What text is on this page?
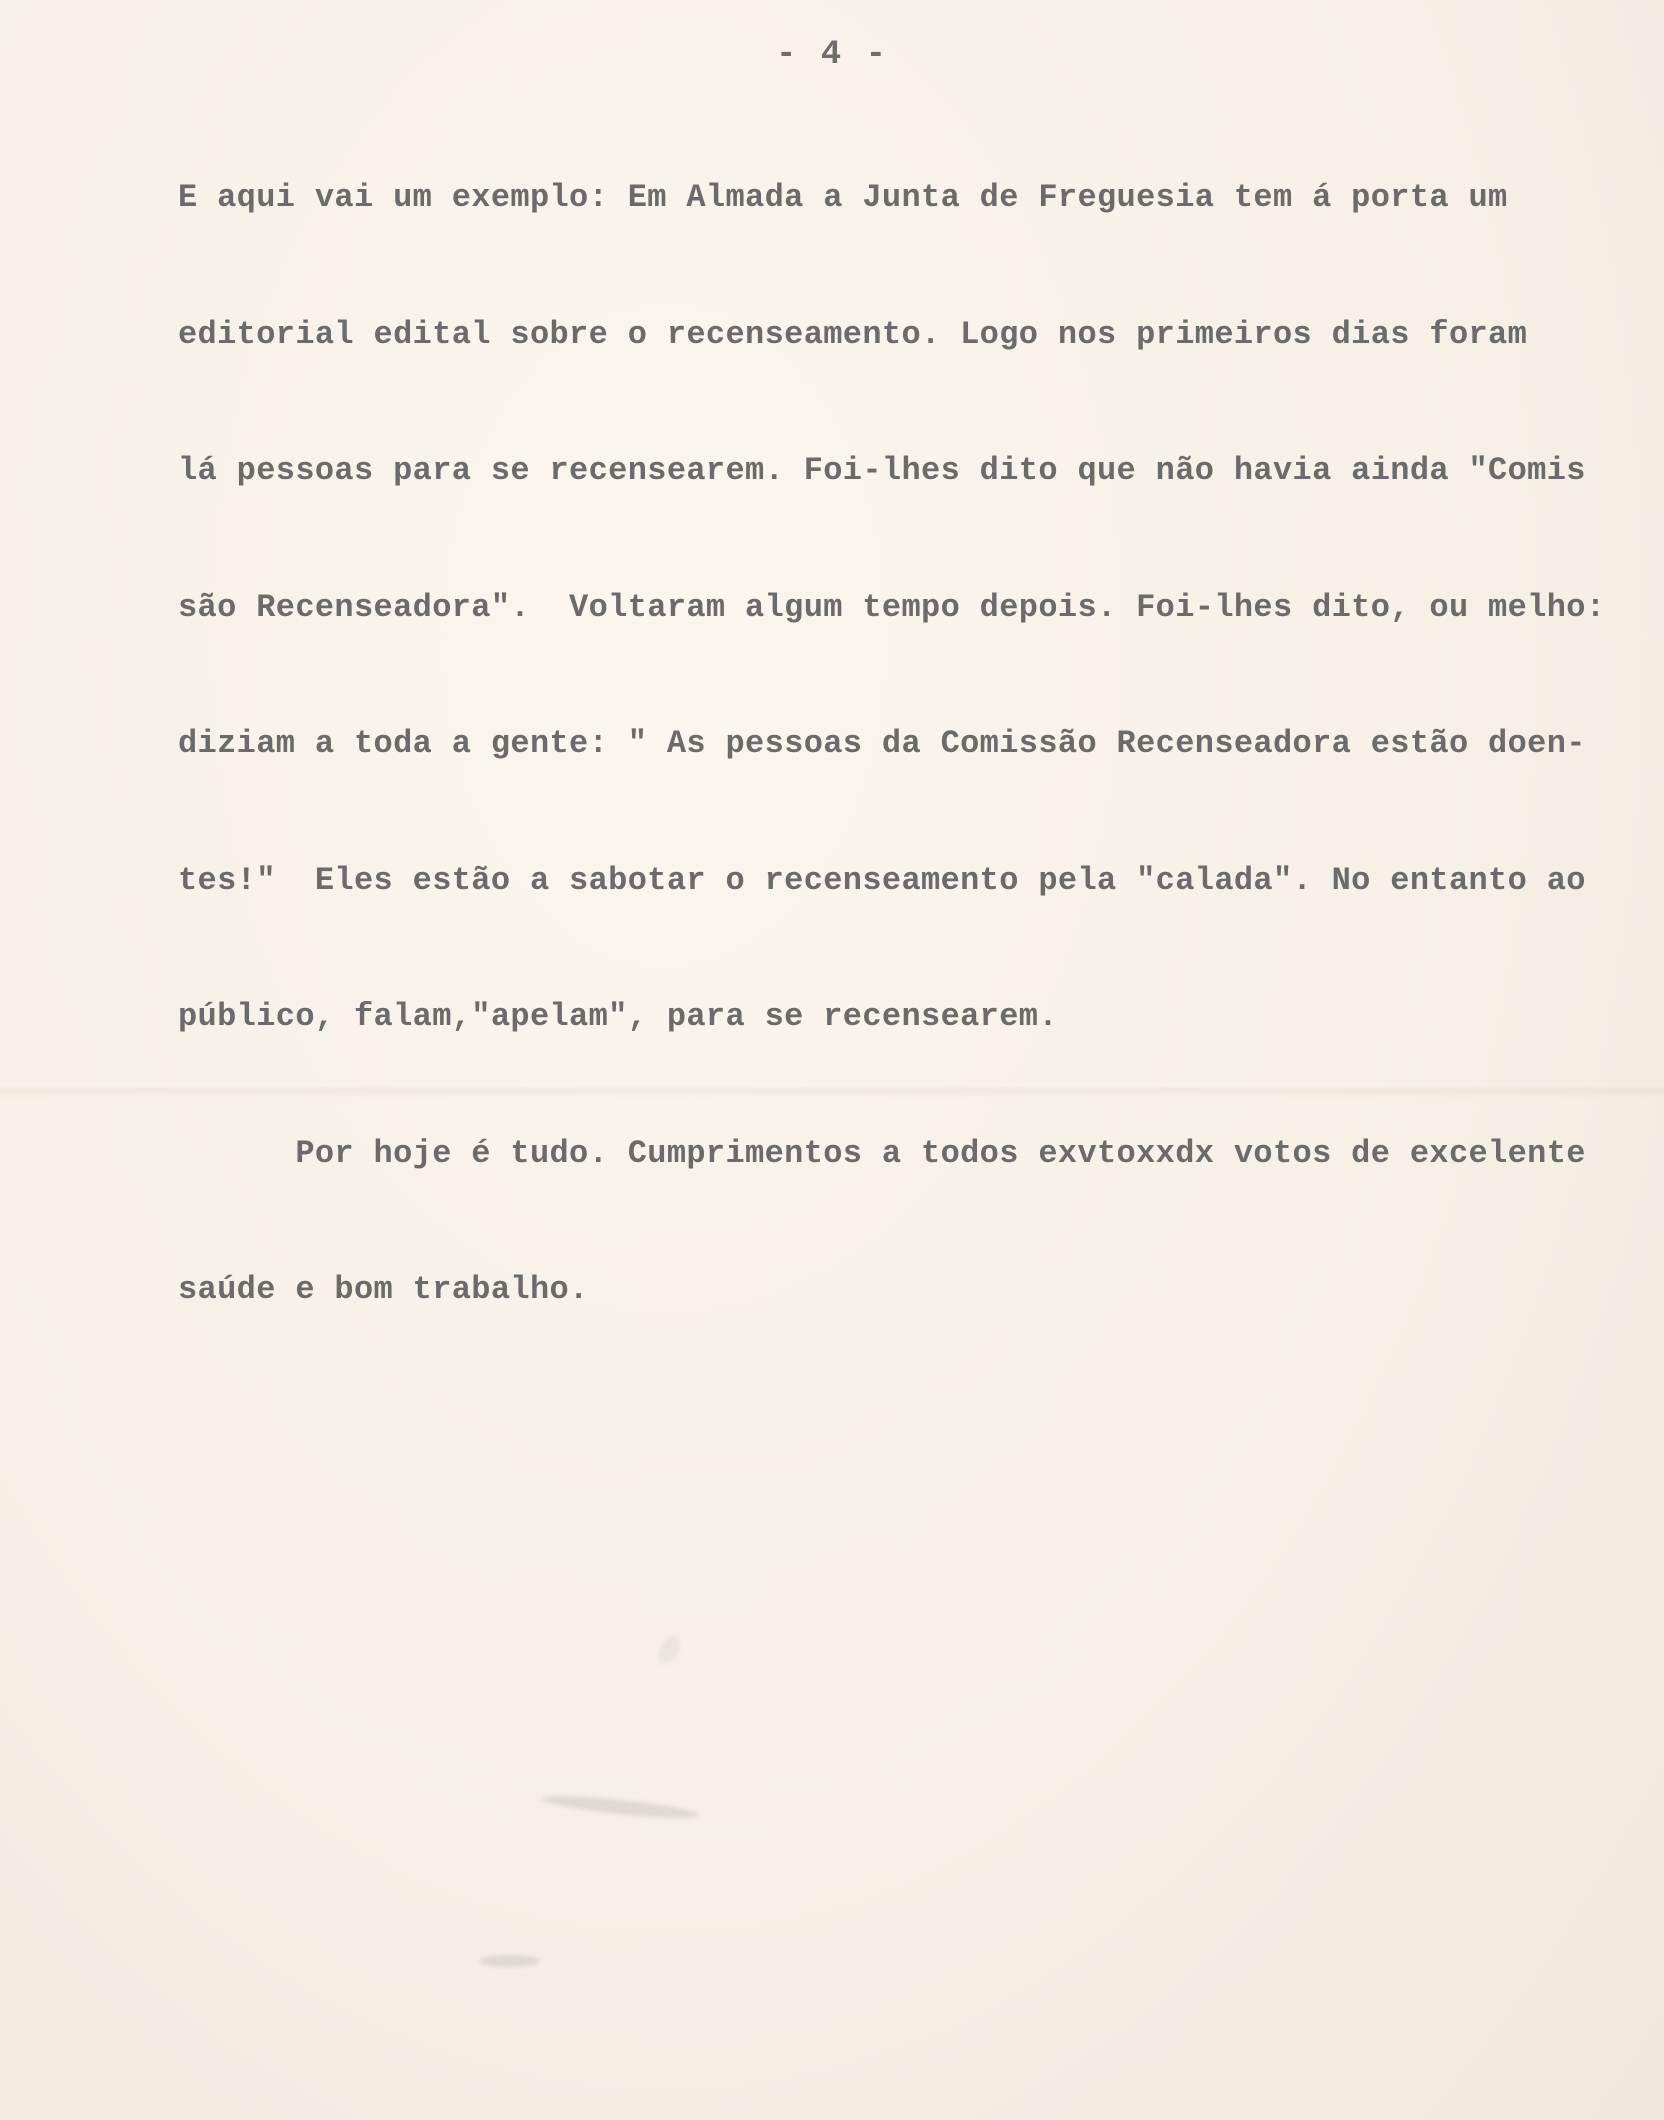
- 4 -

E aqui vai um exemplo: Em Almada a Junta de Freguesia tem á porta um

editorial edital sobre o recenseamento. Logo nos primeiros dias foram

lá pessoas para se recensearem. Foi-lhes dito que não havia ainda "Comis

são Recenseadora".  Voltaram algum tempo depois. Foi-lhes dito, ou melho:

diziam a toda a gente: " As pessoas da Comissão Recenseadora estão doen-

tes!"  Eles estão a sabotar o recenseamento pela "calada". No entanto ao

público, falam,"apelam", para se recensearem.

Por hoje é tudo. Cumprimentos a todos exvtoxxdx votos de excelente

saúde e bom trabalho.
